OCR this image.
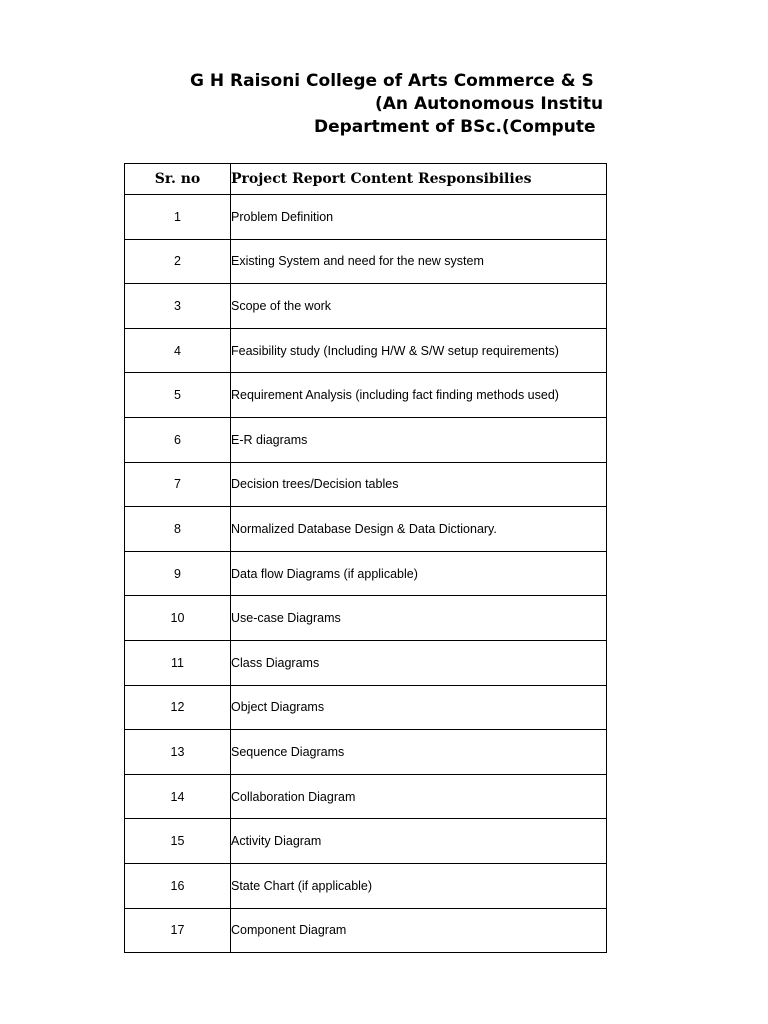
G H Raisoni College of Arts Commerce & S
(An Autonomous Institu
Department of BSc.(Compute
Sr. no	Project Report Content Responsibilies
1	Problem Definition
2	Existing System and need for the new system
3	Scope of the work
4	Feasibility study (Including H/W & S/W setup requirements)
5	Requirement Analysis (including fact finding methods used)
6	E-R diagrams
7	Decision trees/Decision tables
8	Normalized Database Design & Data Dictionary.
9	Data flow Diagrams (if applicable)
10	Use-case Diagrams
11	Class Diagrams
12	Object Diagrams
13	Sequence Diagrams
14	Collaboration Diagram
15	Activity Diagram
16	State Chart (if applicable)
17	Component Diagram
